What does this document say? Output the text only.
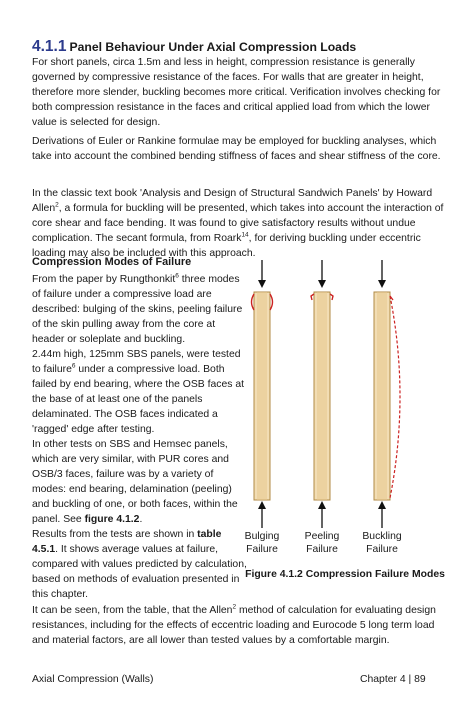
4.1.1 Panel Behaviour Under Axial Compression Loads

For short panels, circa 1.5m and less in height, compression resistance is generally governed by compressive resistance of the faces. For walls that are greater in height, therefore more slender, buckling becomes more critical. Verification involves checking for both compression resistance in the faces and critical applied load from which the lower value is selected for design.

Derivations of Euler or Rankine formulae may be employed for buckling analyses, which take into account the combined bending stiffness of faces and shear stiffness of the core.

In the classic text book 'Analysis and Design of Structural Sandwich Panels' by Howard Allen$^2$, a formula for buckling will be presented, which takes into account the interaction of core shear and face bending. It was found to give satisfactory results without undue complication. The secant formula, from Roark$^{14}$, for deriving buckling under eccentric loading may also be included with this approach.

Compression Modes of Failure

From the paper by Rungthonkit$^6$ three modes of failure under a compressive load are described: bulging of the skins, peeling failure of the skin pulling away from the core at header or soleplate and buckling.

2.44m high, 125mm SBS panels, were tested to failure$^6$ under a compressive load. Both failed by end bearing, where the OSB faces at the base of at least one of the panels delaminated. The OSB faces indicated a 'ragged' edge after testing.

In other tests on SBS and Hemsec panels, which are very similar, with PUR cores and OSB/3 faces, failure was by a variety of modes: end bearing, delamination (peeling) and buckling of one, or both faces, within the panel. See figure 4.1.2.

Results from the tests are shown in table 4.5.1. It shows average values at failure, compared with values predicted by calculation, based on methods of evaluation presented in this chapter.

Bulging
Failure
Peeling
Failure
Buckling
Failure
Figure 4.1.2 Compression Failure Modes

It can be seen, from the table, that the Allen$^2$ method of calculation for evaluating design resistances, including for the effects of eccentric loading and Eurocode 5 long term load and material factors, are all lower than tested values by a comfortable margin.

Axial Compression (Walls)	Chapter 4 | 89
